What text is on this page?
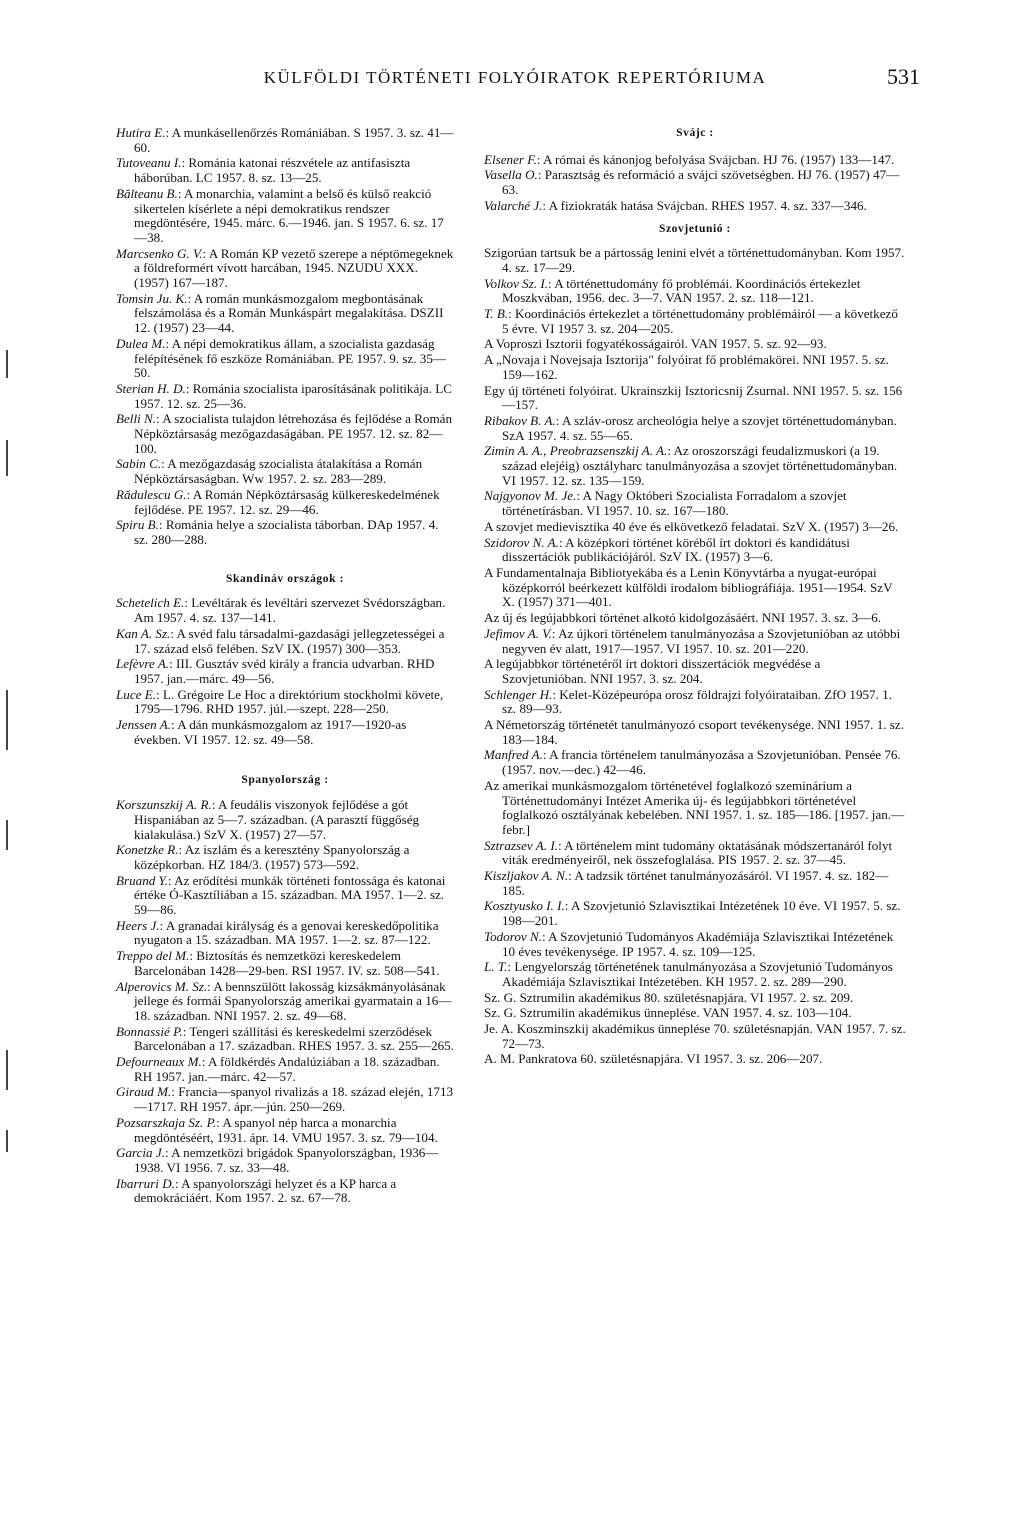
KÜLFÖLDI TÖRTÉNETI FOLYÓIRATOK REPERTÓRIUMA	531
Hutira E.: A munkásellenőrzés Romániában. S 1957. 3. sz. 41—60.
Tutoveanu I.: Románia katonai részvétele az antifasiszta háborúban. LC 1957. 8. sz. 13—25.
Bălteanu B.: A monarchia, valamint a belső és külső reakció sikertelen kísérlete a népi demokratikus rendszer megdöntésére, 1945. márc. 6.—1946. jan. S 1957. 6. sz. 17—38.
Marcsenko G. V.: A Román KP vezető szerepe a néptömegeknek a földreformért vívott harcában, 1945. NZUDU XXX. (1957) 167—187.
Tomsin Ju. K.: A román munkásmozgalom megbontásának felszámolása és a Román Munkáspárt megalakítása. DSZII 12. (1957) 23—44.
Dulea M.: A népi demokratikus állam, a szocialista gazdaság felépítésének fő eszköze Romániában. PE 1957. 9. sz. 35—50.
Sterian H. D.: Románia szocialista iparosításának politikája. LC 1957. 12. sz. 25—36.
Belli N.: A szocialista tulajdon létrehozása és fejlődése a Román Népköztársaság mezőgazdaságában. PE 1957. 12. sz. 82—100.
Sabin C.: A mezőgazdaság szocialista átalakítása a Román Népköztársaságban. Ww 1957. 2. sz. 283—289.
Rădulescu G.: A Román Népköztársaság külkereskedelmének fejlődése. PE 1957. 12. sz. 29—46.
Spiru B.: Románia helye a szocialista táborban. DAp 1957. 4. sz. 280—288.
Skandináv országok :
Schetelich E.: Levéltárak és levéltári szervezet Svédországban. Am 1957. 4. sz. 137—141.
Kan A. Sz.: A svéd falu társadalmi-gazdasági jellegzetességei a 17. század első felében. SzV IX. (1957) 300—353.
Lefèvre A.: III. Gusztáv svéd király a francia udvarban. RHD 1957. jan.—márc. 49—56.
Luce E.: L. Grégoire Le Hoc a direktórium stockholmi követe, 1795—1796. RHD 1957. júl.—szept. 228—250.
Jenssen A.: A dán munkásmozgalom az 1917—1920-as években. VI 1957. 12. sz. 49—58.
Spanyolország :
Korszunszkij A. R.: A feudális viszonyok fejlődése a gót Hispaniában az 5—7. században. (A parasztí függőség kialakulása.) SzV X. (1957) 27—57.
Konetzke R.: Az iszlám és a keresztény Spanyolország a középkorban. HZ 184/3. (1957) 573—592.
Bruand Y.: Az erődítési munkák történeti fontossága és katonai értéke Ó-Kasztíliában a 15. században. MA 1957. 1—2. sz. 59—86.
Heers J.: A granadai királyság és a genovai kereskedőpolitika nyugaton a 15. században. MA 1957. 1—2. sz. 87—122.
Treppo del M.: Biztosítás és nemzetközi kereskedelem Barcelonában 1428—29-ben. RSI 1957. IV. sz. 508—541.
Alperovics M. Sz.: A bennszülött lakosság kizsákmányolásának jellege és formái Spanyolország amerikai gyarmatain a 16—18. században. NNI 1957. 2. sz. 49—68.
Bonnassié P.: Tengeri szállítási és kereskedelmi szerződések Barcelonában a 17. században. RHES 1957. 3. sz. 255—265.
Defourneaux M.: A földkérdés Andalúziában a 18. században. RH 1957. jan.—márc. 42—57.
Giraud M.: Francia—spanyol rivalizás a 18. század elején, 1713—1717. RH 1957. ápr.—jún. 250—269.
Pozsarszkaja Sz. P.: A spanyol nép harca a monarchia megdöntéséért, 1931. ápr. 14. VMU 1957. 3. sz. 79—104.
Garcia J.: A nemzetközi brigádok Spanyolországban, 1936—1938. VI 1956. 7. sz. 33—48.
Ibarruri D.: A spanyolországi helyzet és a KP harca a demokráciáért. Kom 1957. 2. sz. 67—78.
Svájc :
Elsener F.: A római és kánonjog befolyása Svájcban. HJ 76. (1957) 133—147.
Vasella O.: Parasztság és reformáció a svájci szövetségben. HJ 76. (1957) 47—63.
Valarché J.: A fiziokraták hatása Svájcban. RHES 1957. 4. sz. 337—346.
Szovjetunió :
Szigorúan tartsuk be a pártosság lenini elvét a történettudományban. Kom 1957. 4. sz. 17—29.
Volkov Sz. I.: A történettudomány fő problémái. Koordinációs értekezlet Moszkvában, 1956. dec. 3—7. VAN 1957. 2. sz. 118—121.
T. B.: Koordinációs értekezlet a történettudomány problémáiról — a következő 5 évre. VI 1957 3. sz. 204—205.
A Voproszi Isztorii fogyatékosságairól. VAN 1957. 5. sz. 92—93.
A „Novaja i Novejsaja Isztorija" folyóirat fő problémakörei. NNI 1957. 5. sz. 159—162.
Egy új történeti folyóirat. Ukrainszkij Isztoricsnij Zsurnal. NNI 1957. 5. sz. 156—157.
Ribakov B. A.: A szláv-orosz archeológia helye a szovjet történettudományban. SzA 1957. 4. sz. 55—65.
Zimin A. A., Preobrazsenszkij A. A.: Az oroszországi feudalizmuskori (a 19. század elejéig) osztályharc tanulmányozása a szovjet történettudományban. VI 1957. 12. sz. 135—159.
Najgyonov M. Je.: A Nagy Októberi Szocialista Forradalom a szovjet történetírásban. VI 1957. 10. sz. 167—180.
A szovjet medievisztika 40 éve és elkövetkező feladatai. SzV X. (1957) 3—26.
Szidorov N. A.: A középkori történet köréből írt doktori és kandidátusi disszertációk publikációjáról. SzV IX. (1957) 3—6.
A Fundamentalnaja Bibliotyekába és a Lenin Könyvtárba a nyugat-európai középkorról beérkezett külföldi irodalom bibliográfiája. 1951—1954. SzV X. (1957) 371—401.
Az új és legújabbkori történet alkotó kidolgozásáért. NNI 1957. 3. sz. 3—6.
Jefimov A. V.: Az újkori történelem tanulmányozása a Szovjetunióban az utóbbi negyven év alatt, 1917—1957. VI 1957. 10. sz. 201—220.
A legújabbkor történetéről írt doktori disszertációk megvédése a Szovjetunióban. NNI 1957. 3. sz. 204.
Schlenger H.: Kelet-Középeurópa orosz földrajzi folyóirataiban. ZfO 1957. 1. sz. 89—93.
A Németország történetét tanulmányozó csoport tevékenysége. NNI 1957. 1. sz. 183—184.
Manfred A.: A francia történelem tanulmányozása a Szovjetunióban. Pensée 76. (1957. nov.—dec.) 42—46.
Az amerikai munkásmozgalom történetével foglalkozó szeminárium a Történettudományi Intézet Amerika új- és legújabbkori történetével foglalkozó osztályának kebelében. NNI 1957. 1. sz. 185—186. [1957. jan.—febr.]
Sztrazsev A. I.: A történelem mint tudomány oktatásának módszertanáról folyt viták eredményeiről, nek összefoglalása. PIS 1957. 2. sz. 37—45.
Kiszljakov A. N.: A tadzsik történet tanulmányozásáról. VI 1957. 4. sz. 182—185.
Kosztyusko I. I.: A Szovjetunió Szlavisztikai Intézetének 10 éve. VI 1957. 5. sz. 198—201.
Todorov N.: A Szovjetunió Tudományos Akadémiája Szlavisztikai Intézetének 10 éves tevékenysége. IP 1957. 4. sz. 109—125.
L. T.: Lengyelország történetének tanulmányozása a Szovjetunió Tudományos Akadémiája Szlavisztikai Intézetében. KH 1957. 2. sz. 289—290.
Sz. G. Sztrumilin akadémikus 80. születésnapjára. VI 1957. 2. sz. 209.
Sz. G. Sztrumilin akadémikus ünneplése. VAN 1957. 4. sz. 103—104.
Je. A. Koszminszkij akadémikus ünneplése 70. születésnapján. VAN 1957. 7. sz. 72—73.
A. M. Pankratova 60. születésnapjára. VI 1957. 3. sz. 206—207.
